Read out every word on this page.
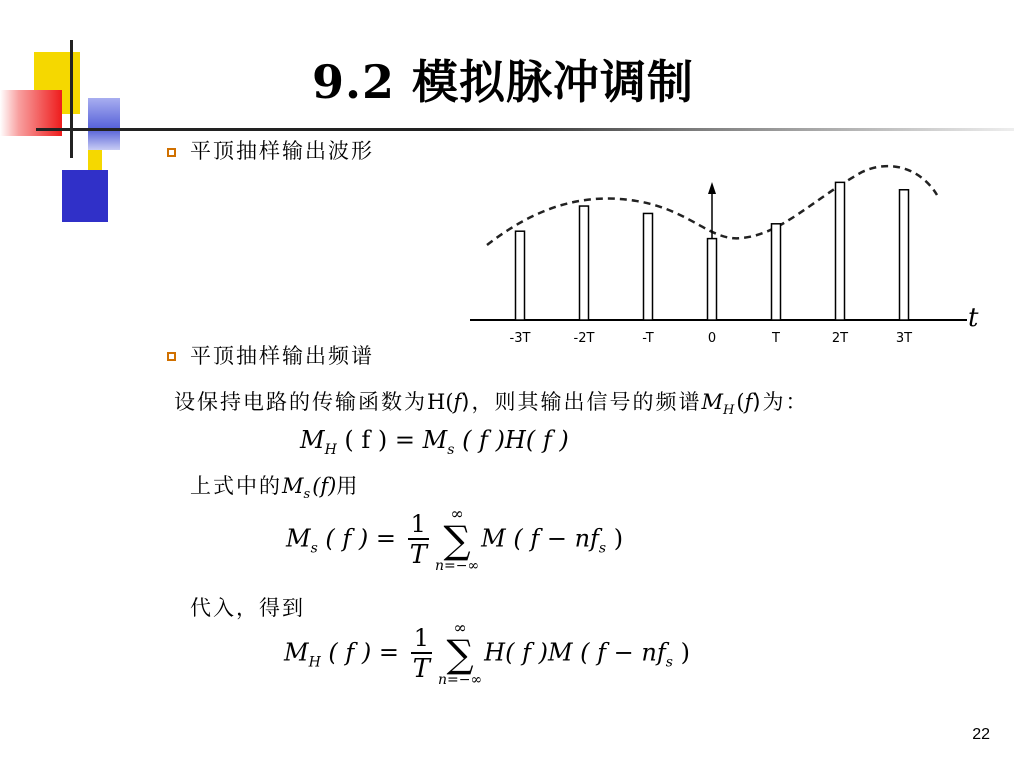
9.2 模拟脉冲调制
平顶抽样输出波形
-3T	-2T	-T	0	T	2T	3T
t
平顶抽样输出频谱
设保持电路的传输函数为H(f)，则其输出信号的频谱$M_H(f)$为：
$M_H$ ( f ) = $M_s$ ( f )H( f )
上式中的$M_s(f)$用
$M_s$ ( f ) = $\frac{1}{T}$	∞
∑
n=−∞
M ( $f - nf_s$ )
代入，得到
$M_H$ ( f ) = $\frac{1}{T}$	∞
∑
n=−∞
H( f )M ( $f - nf_s$ )
22
